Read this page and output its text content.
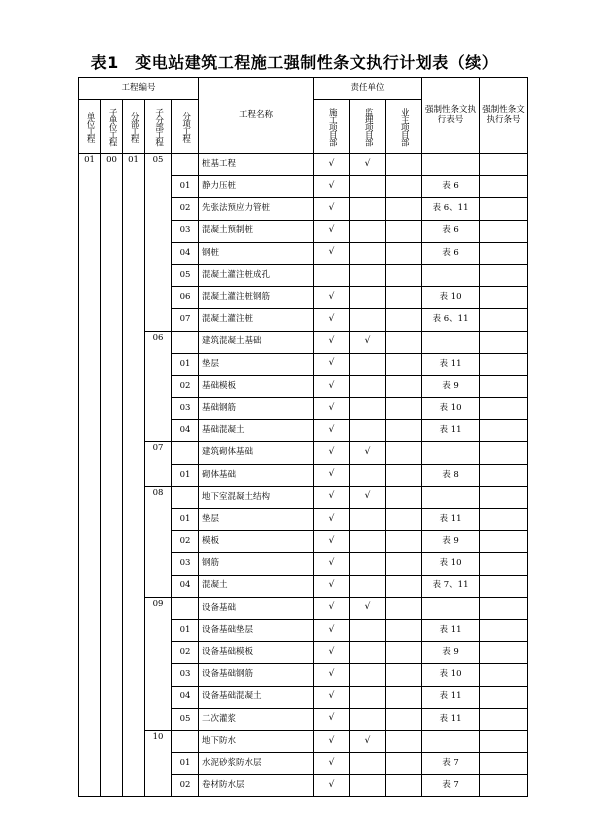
表1　变电站建筑工程施工强制性条文执行计划表（续）
工程编号					工程名称	责任单位			强制性条文执行表号	强制性条文执行条号

单位工程	子单位工程	分部工程	子分部工程	分项工程		施工项目部	监理项目部	业主项目部		

01	00	01	05		桩基工程	√	√			
				01	静力压桩	√			表 6	
				02	先张法预应力管桩	√			表 6、11	
				03	混凝土预制桩	√			表 6	
				04	钢桩	√			表 6	
				05	混凝土灌注桩成孔					
				06	混凝土灌注桩钢筋	√			表 10	
				07	混凝土灌注桩	√			表 6、11	
			06		建筑混凝土基础	√	√			
				01	垫层	√			表 11	
				02	基础模板	√			表 9	
				03	基础钢筋	√			表 10	
				04	基础混凝土	√			表 11	
			07		建筑砌体基础	√	√			
				01	砌体基础	√			表 8	
			08		地下室混凝土结构	√	√			
				01	垫层	√			表 11	
				02	模板	√			表 9	
				03	钢筋	√			表 10	
				04	混凝土	√			表 7、11	
			09		设备基础	√	√			
				01	设备基础垫层	√			表 11	
				02	设备基础模板	√			表 9	
				03	设备基础钢筋	√			表 10	
				04	设备基础混凝土	√			表 11	
				05	二次灌浆	√			表 11	
			10		地下防水	√	√			
				01	水泥砂浆防水层	√			表 7	
				02	卷材防水层	√			表 7	
